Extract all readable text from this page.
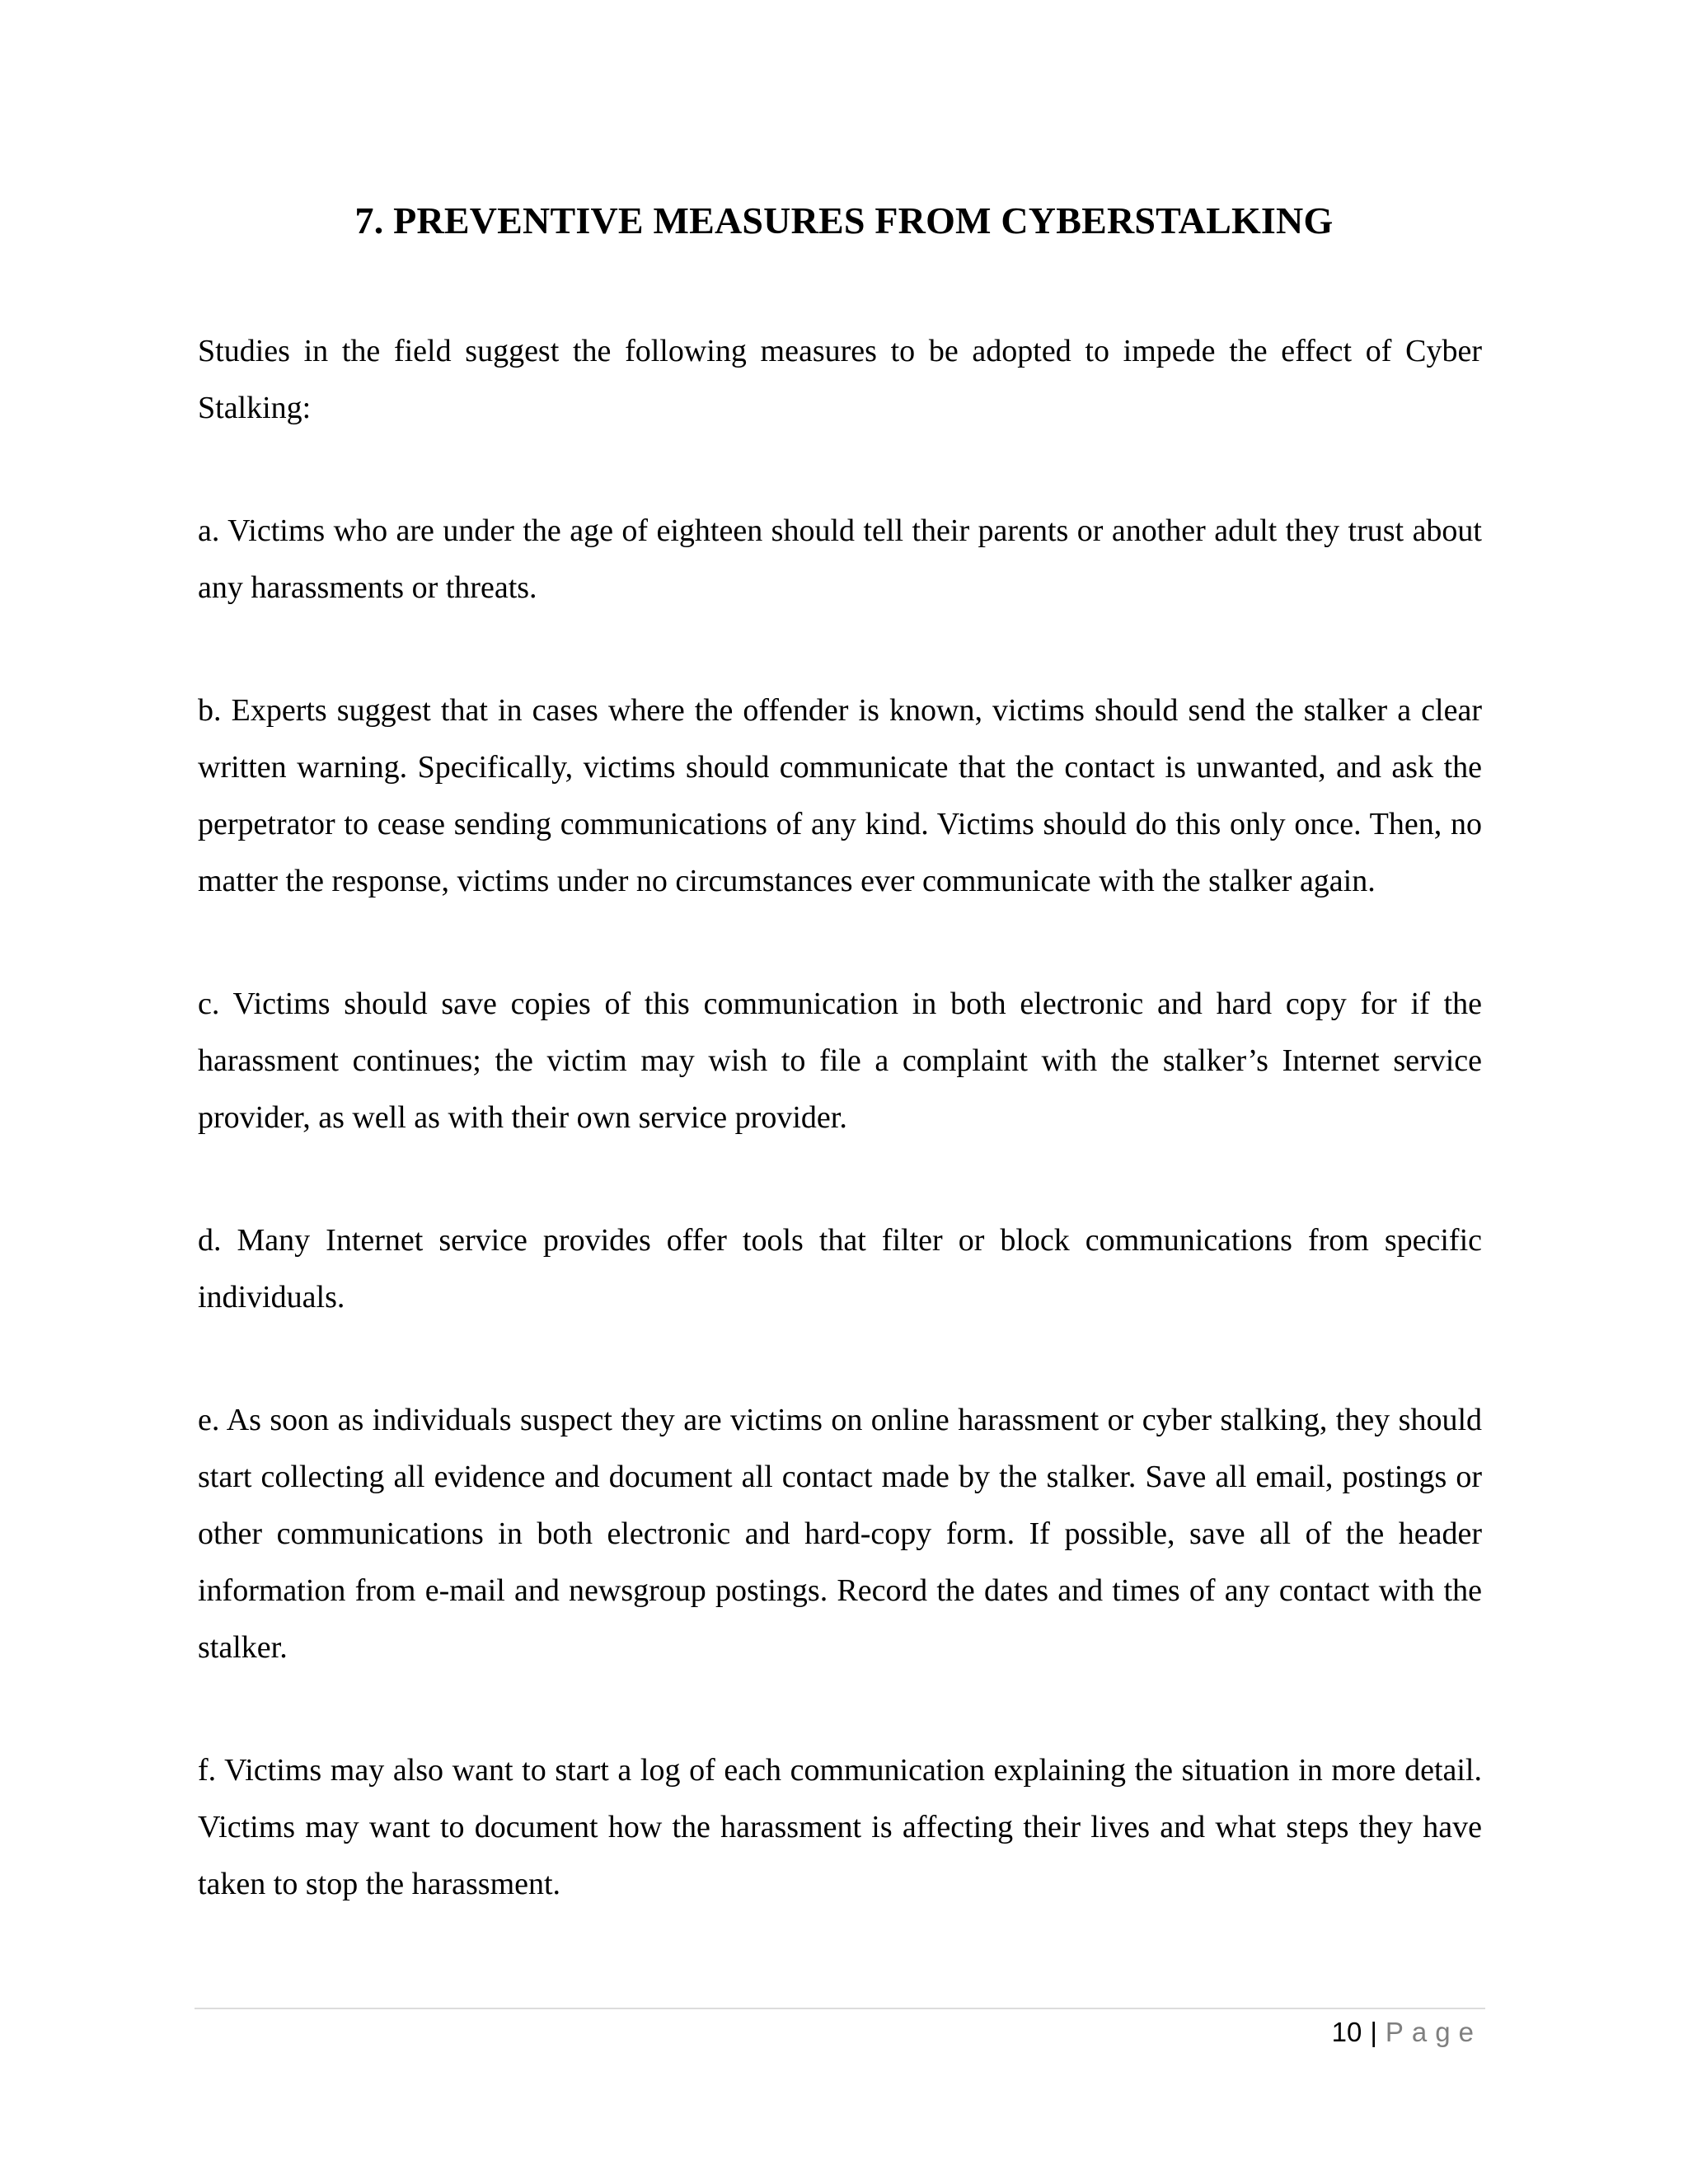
7. PREVENTIVE MEASURES FROM CYBERSTALKING

Studies in the field suggest the following measures to be adopted to impede the effect of Cyber Stalking:

a. Victims who are under the age of eighteen should tell their parents or another adult they trust about any harassments or threats.

b. Experts suggest that in cases where the offender is known, victims should send the stalker a clear written warning. Specifically, victims should communicate that the contact is unwanted, and ask the perpetrator to cease sending communications of any kind. Victims should do this only once. Then, no matter the response, victims under no circumstances ever communicate with the stalker again.

c. Victims should save copies of this communication in both electronic and hard copy for if the harassment continues; the victim may wish to file a complaint with the stalker’s Internet service provider, as well as with their own service provider.

d. Many Internet service provides offer tools that filter or block communications from specific individuals.

e. As soon as individuals suspect they are victims on online harassment or cyber stalking, they should start collecting all evidence and document all contact made by the stalker. Save all email, postings or other communications in both electronic and hard-copy form. If possible, save all of the header information from e-mail and newsgroup postings. Record the dates and times of any contact with the stalker.

f. Victims may also want to start a log of each communication explaining the situation in more detail. Victims may want to document how the harassment is affecting their lives and what steps they have taken to stop the harassment.

10 | Page
